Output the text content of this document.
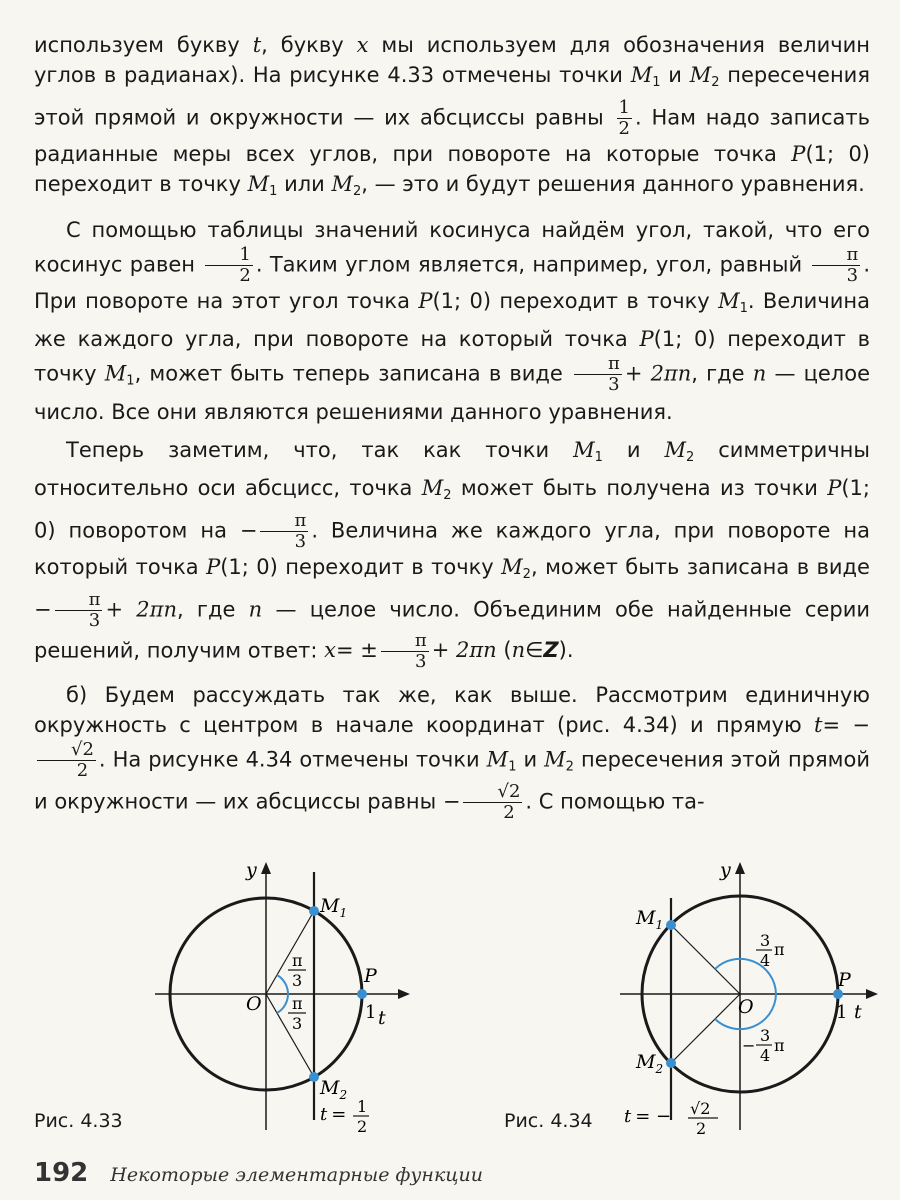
используем букву t, букву x мы используем для обозначения величин углов в радианах). На рисунке 4.33 отмечены точки $M_1$ и $M_2$ пересечения этой прямой и окружности — их абсциссы равны $\frac{1}{2}$ . Нам надо записать радианные меры всех углов, при повороте на которые точка P(1; 0) переходит в точку $M_1$ или $M_2$, — это и будут решения данного уравнения.

С помощью таблицы значений косинуса найдём угол, такой, что его косинус равен $\frac{1}{2}$ . Таким углом является, например, угол, равный $\frac{\pi}{3}$ . При повороте на этот угол точка P(1; 0) переходит в точку $M_1$. Величина же каждого угла, при повороте на который точка P(1; 0) переходит в точку $M_1$, может быть теперь записана в виде $\frac{\pi}{3} + 2\pi n$, где n — целое число. Все они являются решениями данного уравнения.

Теперь заметим, что, так как точки $M_1$ и $M_2$ симметричны относительно оси абсцисс, точка $M_2$ может быть получена из точки P(1; 0) поворотом на − $\frac{\pi}{3}$ . Величина же каждого угла, при повороте на который точка P(1; 0) переходит в точку $M_2$, может быть записана в виде − $\frac{\pi}{3} + 2\pi n$, где n — целое число. Объединим обе найденные серии решений, получим ответ: $x= \pm \frac{\pi}{3} + 2\pi n$ (n∈Z).

б) Будем рассуждать так же, как выше. Рассмотрим единичную окружность с центром в начале координат (рис. 4.34) и прямую t= −
$\frac{√2}{2}$ . На рисунке 4.34 отмечены точки $M_1$ и $M_2$ пересечения этой прямой и окружности — их абсциссы равны − $\frac{√2}{2}$ . С помощью та-

y
t
O
P
1
$M_1$
$M_2$
π
3
π
3
t = 1
2
Рис. 4.33
y
t
O
P
1
$M_1$
$M_2$
3
4
π
−
3
4
π
t = − √2
2
Рис. 4.34
192 Некоторые элементарные функции
